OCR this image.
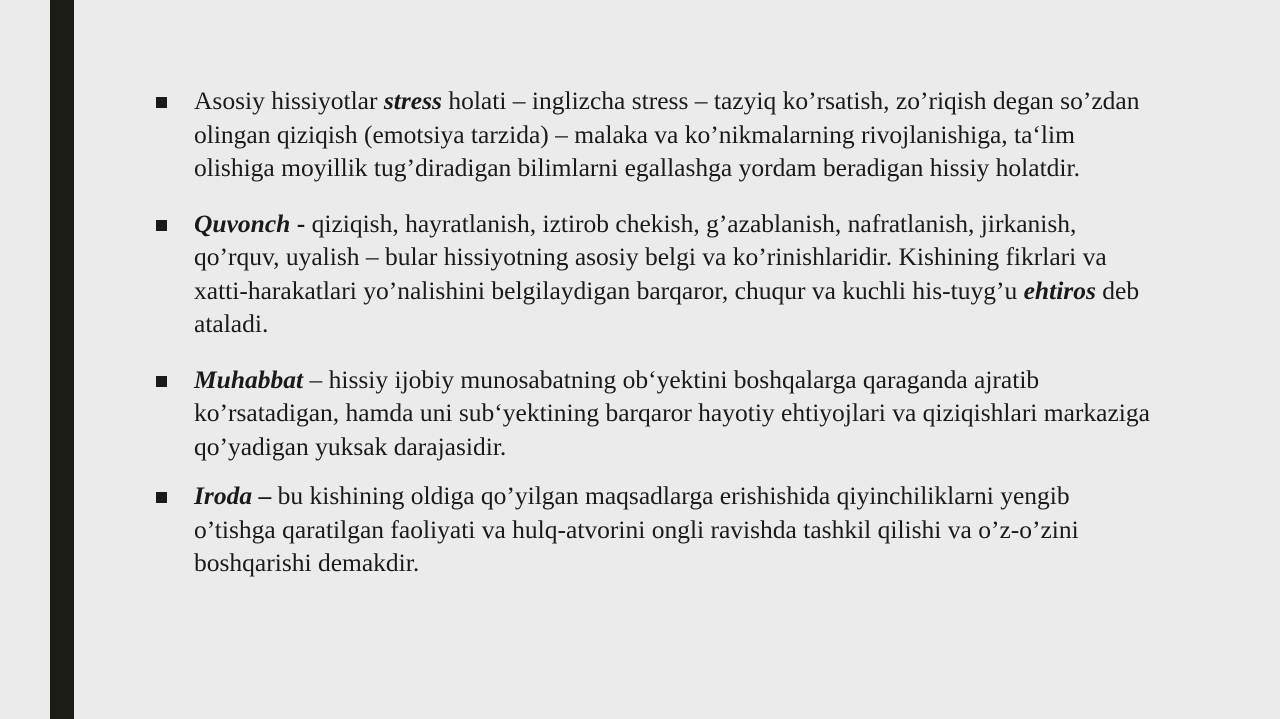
Asosiy hissiyotlar stress holati – inglizcha stress – tazyiq ko’rsatish, zo’riqish degan so’zdan olingan qiziqish (emotsiya tarzida) – malaka va ko’nikmalarning rivojlanishiga, ta‘lim olishiga moyillik tug’diradigan bilimlarni egallashga yordam beradigan hissiy holatdir.
Quvonch - qiziqish, hayratlanish, iztirob chekish, g’azablanish, nafratlanish, jirkanish, qo’rquv, uyalish – bular hissiyotning asosiy belgi va ko’rinishlaridir. Kishining fikrlari va xatti-harakatlari yo’nalishini belgilaydigan barqaror, chuqur va kuchli his-tuyg’u ehtiros deb ataladi.
Muhabbat – hissiy ijobiy munosabatning ob‘yektini boshqalarga qaraganda ajratib ko’rsatadigan, hamda uni sub‘yektining barqaror hayotiy ehtiyojlari va qiziqishlari markaziga qo’yadigan yuksak darajasidir.
Iroda – bu kishining oldiga qo’yilgan maqsadlarga erishishida qiyinchiliklarni yengib o’tishga qaratilgan faoliyati va hulq-atvorini ongli ravishda tashkil qilishi va o’z-o’zini boshqarishi demakdir.
